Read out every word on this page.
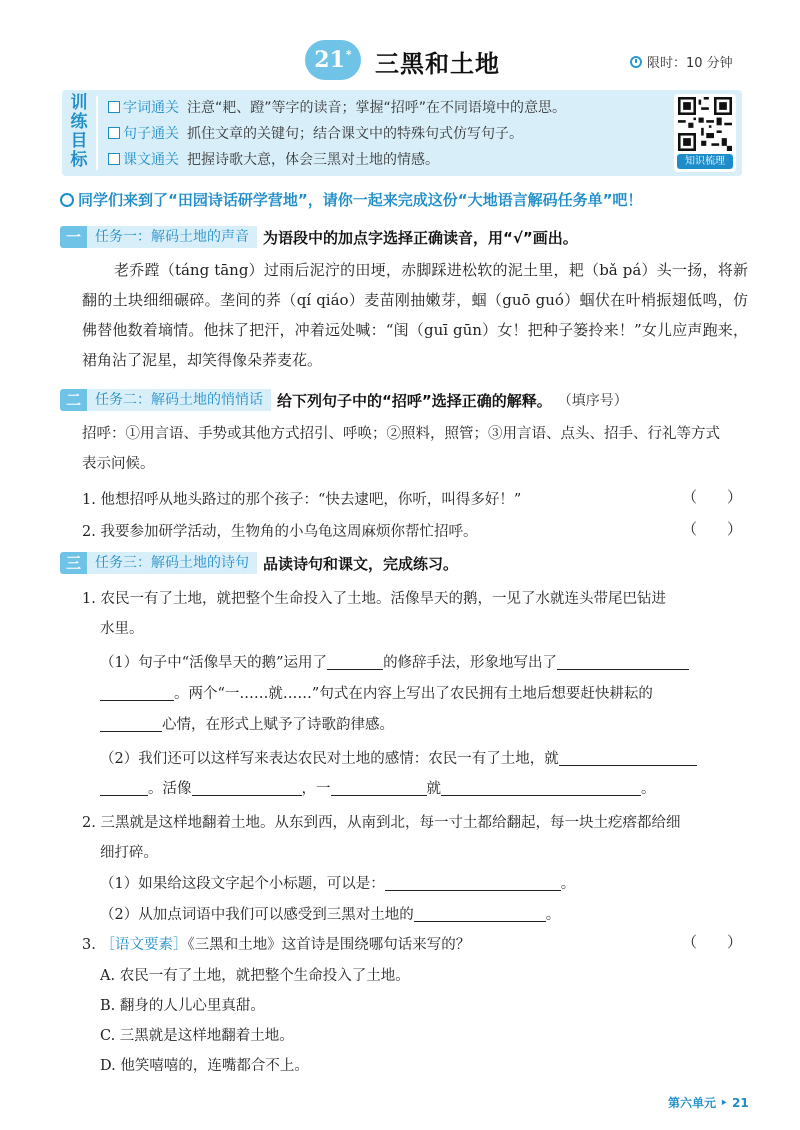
21 * 三黑和土地	限时：10 分钟
训练目标
字词通关 注意“耙、蹬”等字的读音；掌握“招呼”在不同语境中的意思。
句子通关 抓住文章的关键句；结合课文中的特殊句式仿写句子。
课文通关 把握诗歌大意，体会三黑对土地的情感。	知识梳理
同学们来到了“田园诗话研学营地”，请你一起来完成这份“大地语言解码任务单”吧！
一	任务一：解码土地的声音 为语段中的加点字选择正确读音，用“√”画出。
老乔蹚（táng tāng）过雨后泥泞的田埂，赤脚踩进松软的泥土里，耙（bǎ pá）头一扬，将新翻的土块细细碾碎。垄间的荞（qí qiáo）麦苗刚抽嫩芽，蝈（guō guó）蝈伏在叶梢振翅低鸣，仿佛替他数着墒情。他抹了把汗，冲着远处喊：“闺（guī gūn）女！把种子篓拎来！”女儿应声跑来，裙角沾了泥星，却笑得像朵荞麦花。
二	任务二：解码土地的悄悄话 给下列句子中的“招呼”选择正确的解释。 （填序号）
招呼：①用言语、手势或其他方式招引、呼唤；②照料，照管；③用言语、点头、招手、行礼等方式
表示问候。
1. 他想招呼从地头路过的那个孩子：“快去逮吧，你听，叫得多好！”	（　　）
2. 我要参加研学活动，生物角的小乌龟这周麻烦你帮忙招呼。	（　　）
三	任务三：解码土地的诗句 品读诗句和课文，完成练习。
1. 农民一有了土地，就把整个生命投入了土地。活像旱天的鹅，一见了水就连头带尾巴钻进
水里。
（1）句子中“活像旱天的鹅”运用了	的修辞手法，形象地写出了
。两个“一……就……”句式在内容上写出了农民拥有土地后想要赶快耕耘的
心情，在形式上赋予了诗歌韵律感。
（2）我们还可以这样写来表达农民对土地的感情：农民一有了土地，就
。活像	，一	就	。
2. 三黑就是这样地翻着土地。从东到西，从南到北，每一寸土都给翻起，每一块土疙瘩都给细
细打碎。
（1）如果给这段文字起个小标题，可以是：	。
（2）从加点词语中我们可以感受到三黑对土地的	。
3. ［语文要素］《三黑和土地》这首诗是围绕哪句话来写的？	（　　）
A. 农民一有了土地，就把整个生命投入了土地。
B. 翻身的人儿心里真甜。
C. 三黑就是这样地翻着土地。
D. 他笑嘻嘻的，连嘴都合不上。
第六单元 ‣ 21
